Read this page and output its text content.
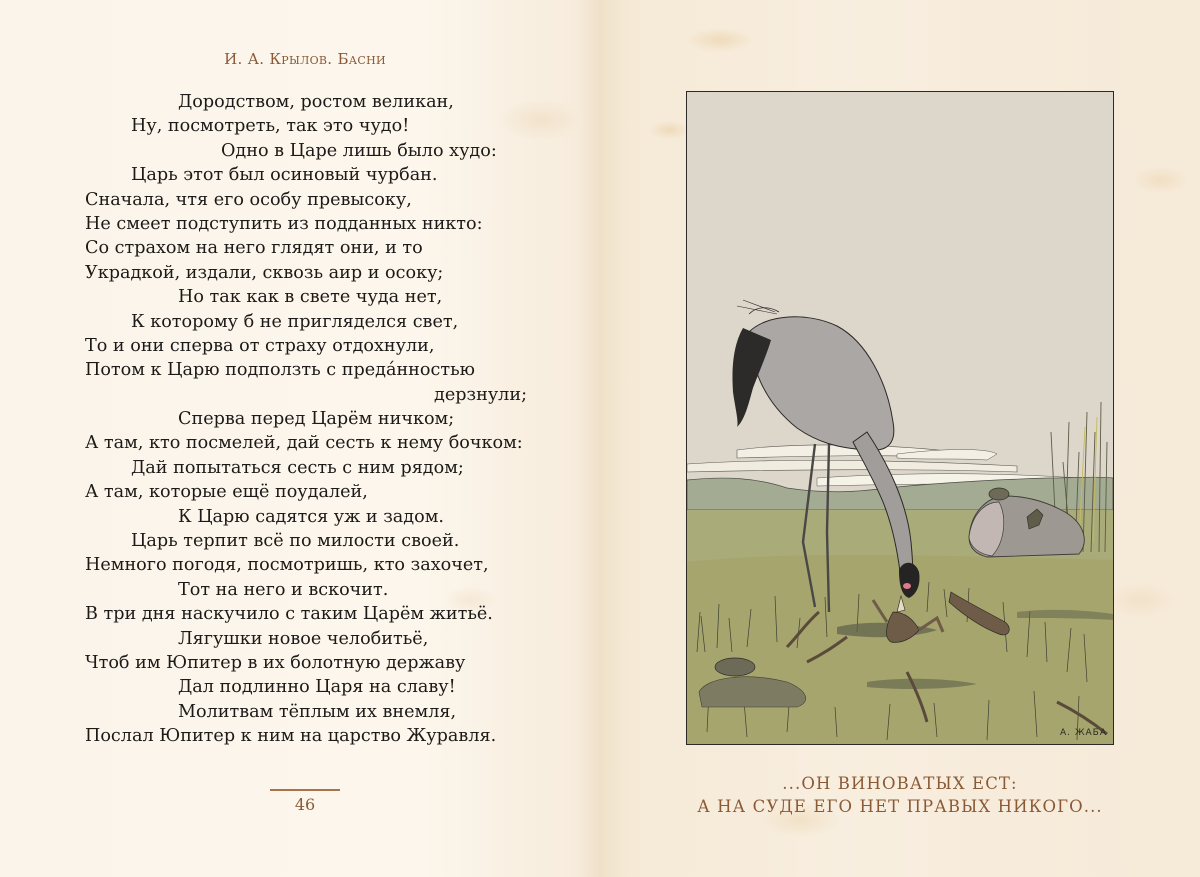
И. А. Крылов. Басни
Дородством, ростом великан,
Ну, посмотреть, так это чудо!
Одно в Царе лишь было худо:
Царь этот был осиновый чурбан.
Сначала, чтя его особу превысоку,
Не смеет подступить из подданных никто:
Со страхом на него глядят они, и то
Украдкой, издали, сквозь аир и осоку;
Но так как в свете чуда нет,
К которому б не пригляделся свет,
То и они сперва от страху отдохнули,
Потом к Царю подползть с преда́нностью
дерзнули;
Сперва перед Царём ничком;
А там, кто посмелей, дай сесть к нему бочком:
Дай попытаться сесть с ним рядом;
А там, которые ещё поудалей,
К Царю садятся уж и задом.
Царь терпит всё по милости своей.
Немного погодя, посмотришь, кто захочет,
Тот на него и вскочит.
В три дня наскучило с таким Царём житьё.
Лягушки новое челобитьё,
Чтоб им Юпитер в их болотную державу
Дал подлинно Царя на славу!
Молитвам тёплым их внемля,
Послал Юпитер к ним на царство Журавля.
46
А. ЖАБА
...ОН ВИНОВАТЫХ ЕСТ:
А НА СУДЕ ЕГО НЕТ ПРАВЫХ НИКОГО...
